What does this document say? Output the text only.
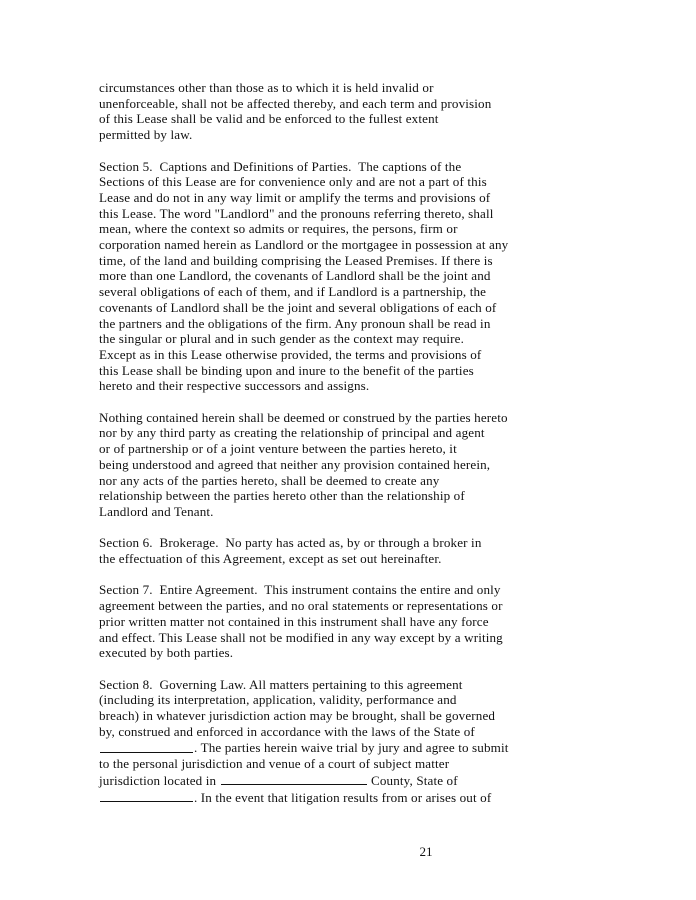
circumstances other than those as to which it is held invalid or
unenforceable, shall not be affected thereby, and each term and provision
of this Lease shall be valid and be enforced to the fullest extent
permitted by law.

Section 5.  Captions and Definitions of Parties.  The captions of the
Sections of this Lease are for convenience only and are not a part of this
Lease and do not in any way limit or amplify the terms and provisions of
this Lease. The word "Landlord" and the pronouns referring thereto, shall
mean, where the context so admits or requires, the persons, firm or
corporation named herein as Landlord or the mortgagee in possession at any
time, of the land and building comprising the Leased Premises. If there is
more than one Landlord, the covenants of Landlord shall be the joint and
several obligations of each of them, and if Landlord is a partnership, the
covenants of Landlord shall be the joint and several obligations of each of
the partners and the obligations of the firm. Any pronoun shall be read in
the singular or plural and in such gender as the context may require.
Except as in this Lease otherwise provided, the terms and provisions of
this Lease shall be binding upon and inure to the benefit of the parties
hereto and their respective successors and assigns.

Nothing contained herein shall be deemed or construed by the parties hereto
nor by any third party as creating the relationship of principal and agent
or of partnership or of a joint venture between the parties hereto, it
being understood and agreed that neither any provision contained herein,
nor any acts of the parties hereto, shall be deemed to create any
relationship between the parties hereto other than the relationship of
Landlord and Tenant.

Section 6.  Brokerage.  No party has acted as, by or through a broker in
the effectuation of this Agreement, except as set out hereinafter.

Section 7.  Entire Agreement.  This instrument contains the entire and only
agreement between the parties, and no oral statements or representations or
prior written matter not contained in this instrument shall have any force
and effect. This Lease shall not be modified in any way except by a writing
executed by both parties.

Section 8.  Governing Law. All matters pertaining to this agreement
(including its interpretation, application, validity, performance and
breach) in whatever jurisdiction action may be brought, shall be governed
by, construed and enforced in accordance with the laws of the State of
. The parties herein waive trial by jury and agree to submit
to the personal jurisdiction and venue of a court of subject matter
jurisdiction located in	County, State of
. In the event that litigation results from or arises out of

21
